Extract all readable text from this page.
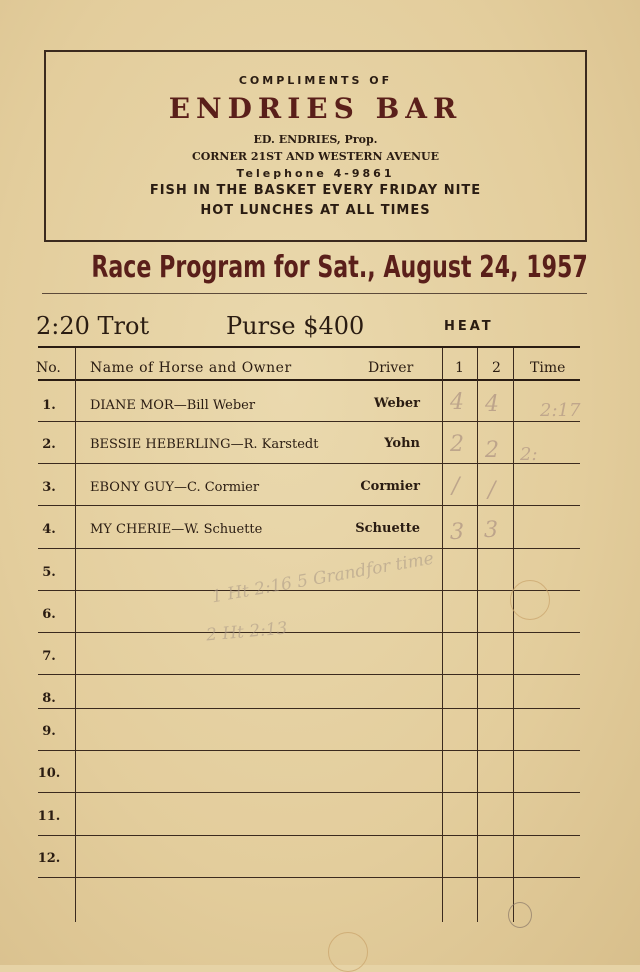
COMPLIMENTS OF
ENDRIES BAR
ED. ENDRIES, Prop.
CORNER 21ST AND WESTERN AVENUE
Telephone 4-9861
FISH IN THE BASKET EVERY FRIDAY NITE
HOT LUNCHES AT ALL TIMES
Race Program for Sat., August 24, 1957
2:20 Trot	Purse $400	HEAT
No. Name of Horse and Owner	Driver	1 2 Time
1.	DIANE MOR—Bill Weber	Weber 4 4 2:17
2.	BESSIE HEBERLING—R. Karstedt	Yohn 2 2 2:
3.	EBONY GUY—C. Cormier	Cormier / /
4.	MY CHERIE—W. Schuette	Schuette 3 3
5.
6.
7.
8.
9.
10.
11.
12.
1 Ht 2:16 5 Grandfor time
2 Ht 2:13
